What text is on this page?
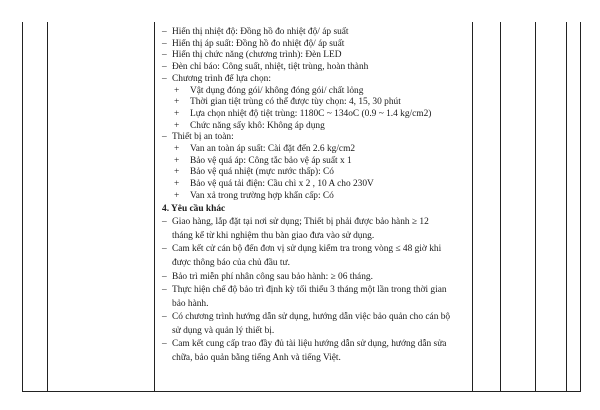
– Hiển thị nhiệt độ: Đồng hồ đo nhiệt độ/ áp suất
– Hiển thị áp suất: Đồng hồ đo nhiệt độ/ áp suất
– Hiển thị chức năng (chương trình): Đèn LED
– Đèn chỉ báo: Công suất, nhiệt, tiệt trùng, hoàn thành
– Chương trình để lựa chọn:
+ Vật dụng đóng gói/ không đóng gói/ chất lỏng
+ Thời gian tiệt trùng có thể được tùy chọn: 4, 15, 30 phút
+ Lựa chọn nhiệt độ tiệt trùng: 1180C ~ 134oC (0.9 ~ 1.4 kg/cm2)
+ Chức năng sấy khô: Không áp dụng
– Thiết bị an toàn:
+ Van an toàn áp suất: Cài đặt đến 2.6 kg/cm2
+ Bảo vệ quá áp: Công tắc bảo vệ áp suất x 1
+ Bảo vệ quá nhiệt (mực nước thấp): Có
+ Bảo vệ quá tải điện: Cầu chì x 2 , 10 A cho 230V
+ Van xả trong trường hợp khẩn cấp: Có
4. Yêu cầu khác
– Giao hàng, lắp đặt tại nơi sử dụng; Thiết bị phải được bảo hành ≥ 12
tháng kể từ khi nghiệm thu bàn giao đưa vào sử dụng.
– Cam kết cử cán bộ đến đơn vị sử dụng kiểm tra trong vòng ≤ 48 giờ khi
được thông báo của chủ đầu tư.
– Bảo trì miễn phí nhân công sau bảo hành: ≥ 06 tháng.
– Thực hiện chế độ bảo trì định kỳ tối thiểu 3 tháng một lần trong thời gian
bảo hành.
– Có chương trình hướng dẫn sử dụng, hướng dẫn việc bảo quản cho cán bộ
sử dụng và quản lý thiết bị.
– Cam kết cung cấp trao đầy đủ tài liệu hướng dẫn sử dụng, hướng dẫn sửa
chữa, bảo quản bằng tiếng Anh và tiếng Việt.
